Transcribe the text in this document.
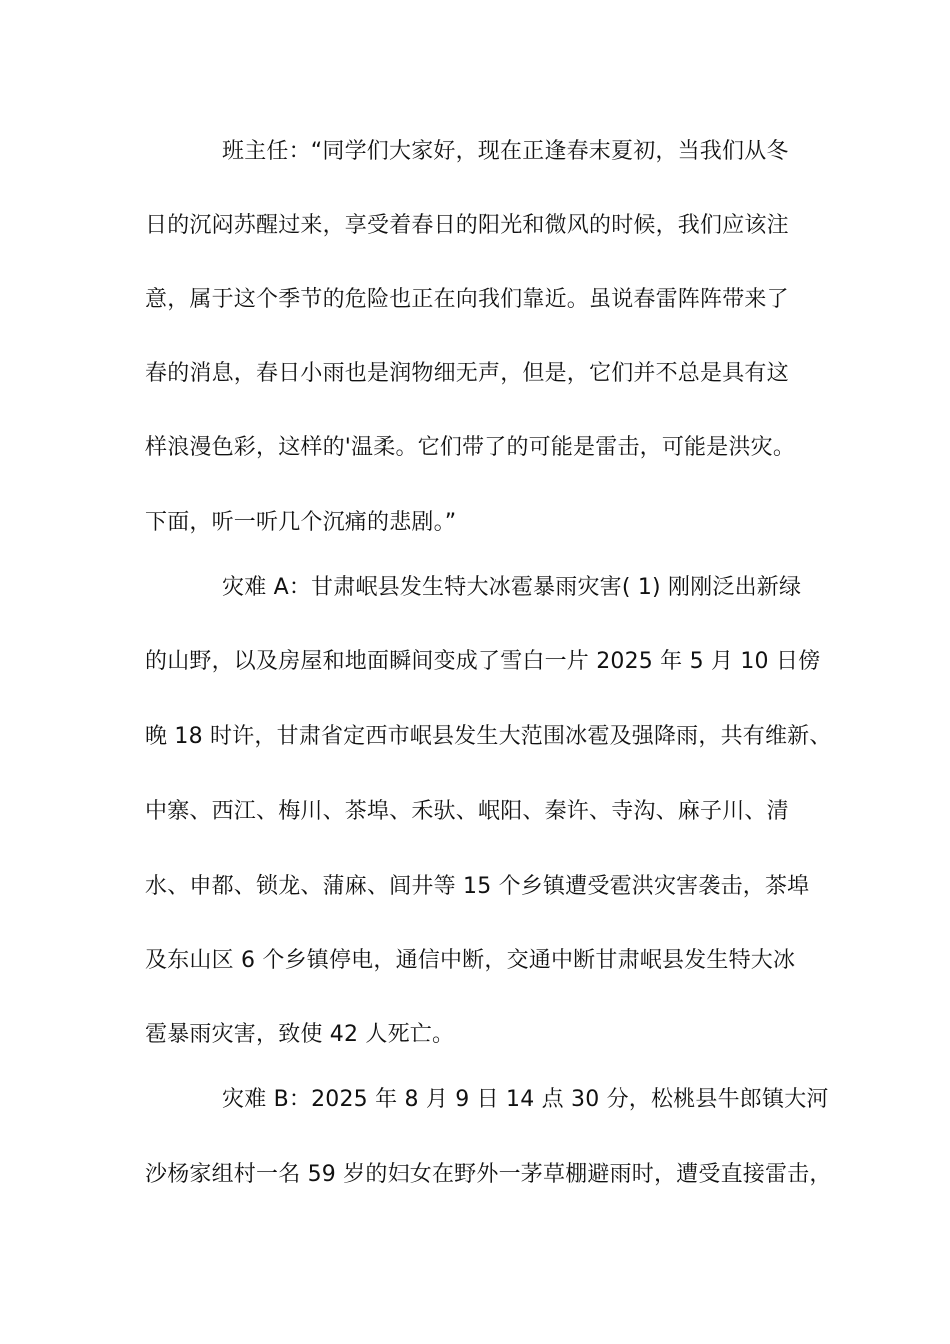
班主任：“同学们大家好，现在正逢春末夏初，当我们从冬
日的沉闷苏醒过来，享受着春日的阳光和微风的时候，我们应该注
意，属于这个季节的危险也正在向我们靠近。虽说春雷阵阵带来了
春的消息，春日小雨也是润物细无声，但是，它们并不总是具有这
样浪漫色彩，这样的'温柔。它们带了的可能是雷击，可能是洪灾。
下面，听一听几个沉痛的悲剧。”
灾难 A：甘肃岷县发生特大冰雹暴雨灾害( 1) 刚刚泛出新绿
的山野，以及房屋和地面瞬间变成了雪白一片 2025 年 5 月 10 日傍
晚 18 时许，甘肃省定西市岷县发生大范围冰雹及强降雨，共有维新、
中寨、西江、梅川、茶埠、禾驮、岷阳、秦许、寺沟、麻子川、清
水、申都、锁龙、蒲麻、闾井等 15 个乡镇遭受雹洪灾害袭击，茶埠
及东山区 6 个乡镇停电，通信中断，交通中断甘肃岷县发生特大冰
雹暴雨灾害，致使 42 人死亡。
灾难 B：2025 年 8 月 9 日 14 点 30 分，松桃县牛郎镇大河
沙杨家组村一名 59 岁的妇女在野外一茅草棚避雨时，遭受直接雷击，
